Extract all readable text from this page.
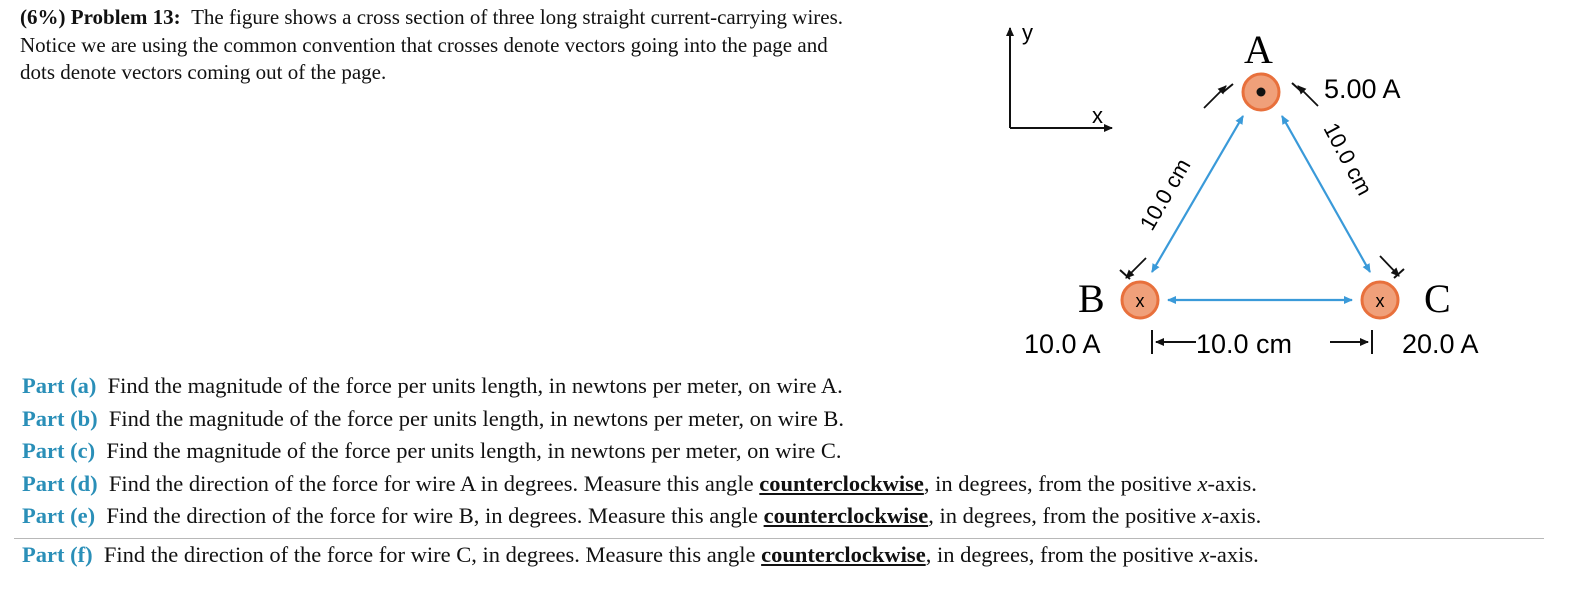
(6%) Problem 13: The figure shows a cross section of three long straight current-carrying wires.
Notice we are using the common convention that crosses denote vectors going into the page and
dots denote vectors coming out of the page.
y
x
10.0 cm	10.0 cm
A
5.00 A
x
B
10.0 A
x C
20.0 A
10.0 cm
Part (a) Find the magnitude of the force per units length, in newtons per meter, on wire A.
Part (b) Find the magnitude of the force per units length, in newtons per meter, on wire B.
Part (c) Find the magnitude of the force per units length, in newtons per meter, on wire C.
Part (d) Find the direction of the force for wire A in degrees. Measure this angle counterclockwise, in degrees, from the positive x-axis.
Part (e) Find the direction of the force for wire B, in degrees. Measure this angle counterclockwise, in degrees, from the positive x-axis.
Part (f) Find the direction of the force for wire C, in degrees. Measure this angle counterclockwise, in degrees, from the positive x-axis.
